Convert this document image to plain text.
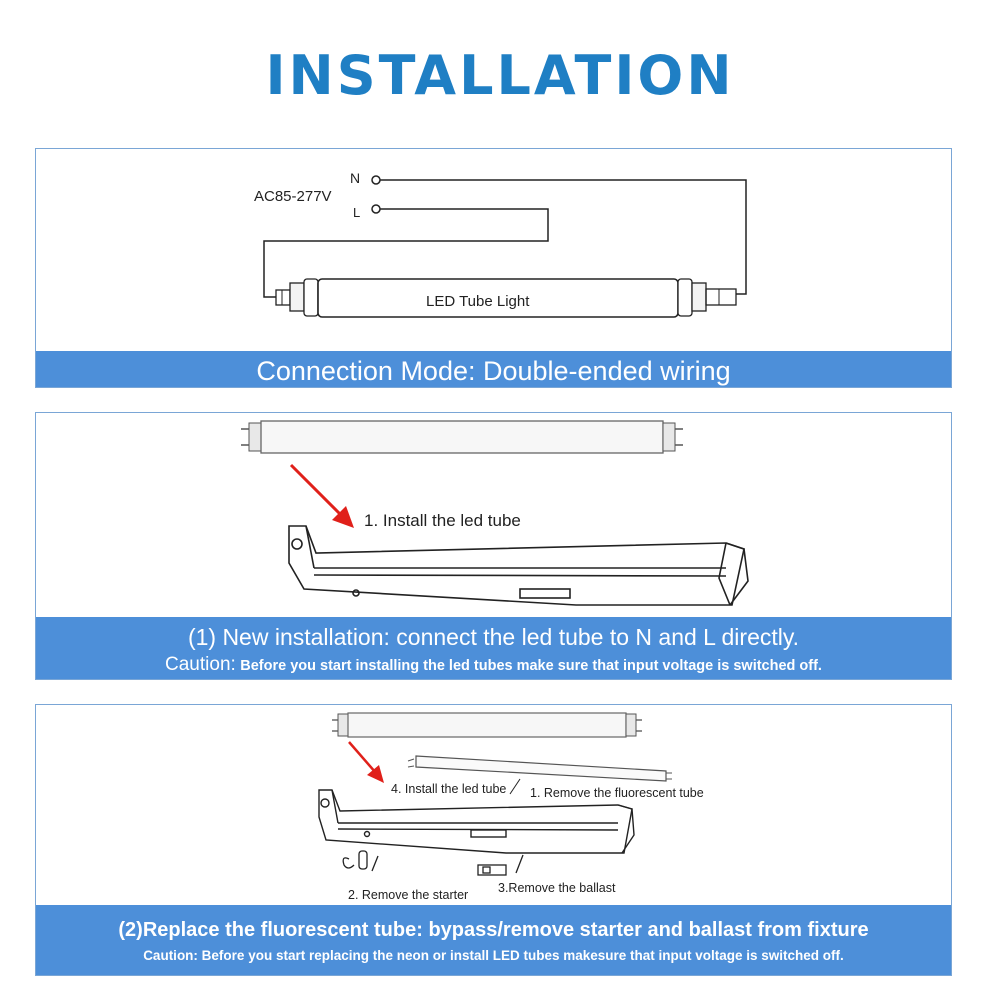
INSTALLATION
AC85-277V
N
L
LED Tube Light
Connection Mode: Double-ended wiring
1. Install the led tube
(1) New installation: connect the led tube to N and L directly.
Caution: Before you start installing the led tubes make sure that input voltage is switched off.
4. Install the led tube 1. Remove the fluorescent tube
2. Remove the starter 3.Remove the ballast
(2)Replace the fluorescent tube: bypass/remove starter and ballast from fixture
Caution: Before you start replacing the neon or install LED tubes makesure that input voltage is switched off.
